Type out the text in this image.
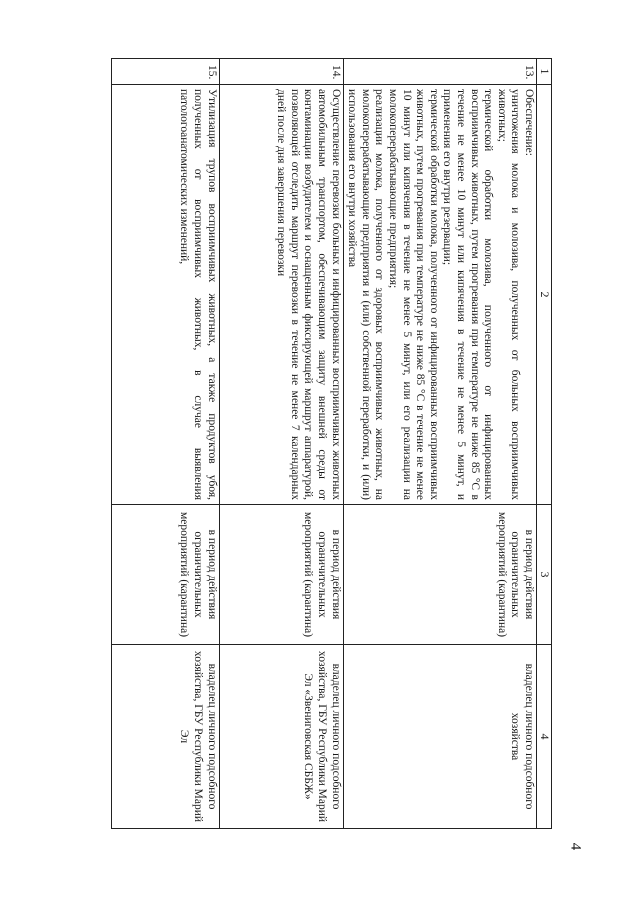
4
1	2	3	4
13.	Обеспечение:
уничтожения молока и молозива, полученных от больных восприимчивых животных;
термической обработки молозива, полученного от инфицированных восприимчивых животных, путем прогревания при температуре не ниже 85 °С в течение не менее 10 минут или кипячения в течение не менее 5 минут, и применения его внутри резервации;
термической обработки молока, полученного от инфицированных восприимчивых животных, путем прогревания при температуре не ниже 85 °С в течение не менее 10 минут или кипячения в течение не менее 5 минут, или его реализации на молокоперерабатывающие предприятия;
реализации молока, полученного от здоровых восприимчивых животных, на молокоперерабатывающие предприятия и (или) собственной переработки, и (или) использования его внутри хозяйства	в период действия ограничительных мероприятий (карантина)	владелец личного подсобного хозяйства
14.	Осуществление перевозки больных и инфицированных восприимчивых животных автомобильным транспортом, обеспечивающим защиту внешней среды от контаминации возбудителем и оснащенным фиксирующей маршрут аппаратурой, позволяющей отследить маршрут перевозки в течение не менее 7 календарных дней после дня завершения перевозки	в период действия ограничительных мероприятий (карантина)	владелец личного подсобного хозяйства, ГБУ Республики Марий Эл «Звениговская СББЖ»
15.	Утилизация трупов восприимчивых животных, а также продуктов убоя, полученных от восприимчивых животных, в случае выявления патологоанатомических изменений,	в период действия ограничительных мероприятий (карантина)	владелец личного подсобного хозяйства, ГБУ Республики Марий Эл
